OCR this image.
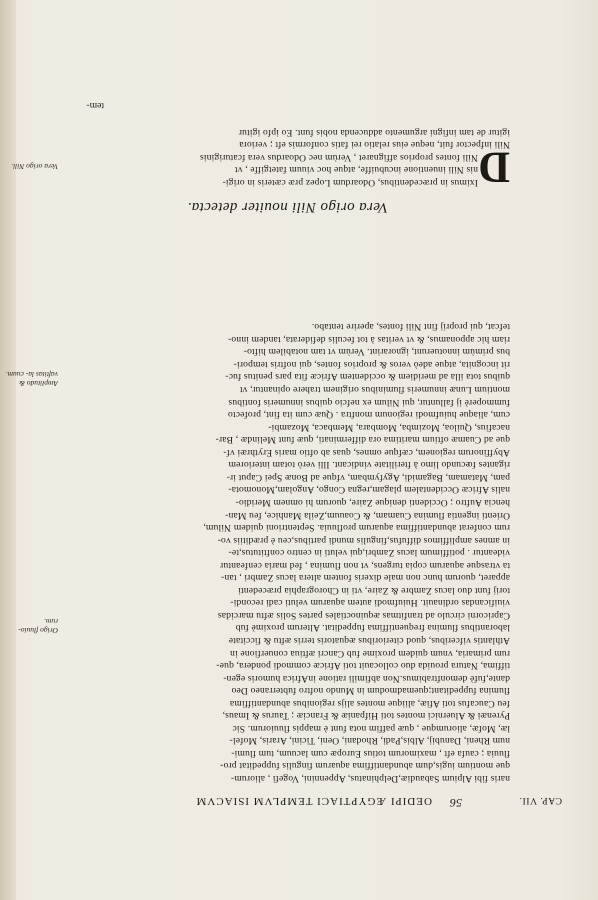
CAP. VII.
56
OEDIPI ÆGYPTIACI TEMPLVM ISIACVM
naris fibi Alpium Sabaudiæ,Delphinatus, Appennini, Vogefi , aliorum-
que montium iugis,dum abundantiffima aquarum fingulis fuppeditat pro-
fluuia ; caufa eft , maximorum totius Europæ cum lacuum, tum flumi-
num Rheni, Danubij, Albis,Padi, Rhodani, Oeni, Ticini, Araris, Mofel-
læ, Mofæ, aliorumque , quæ paffim nota funt è mappis fluuiorum. Sic
Pyrenæi & Aluernici montes toti Hifpaniæ & Franciæ ; Taurus & Imaus,
feu Caucafus toti Afiæ, aliique montes alijs regionibus abundantiffima
flumina fuppeditant;quemadmodum in Mundo noftro fubterraneo Deo
dante,fufè demonftrabimus.Non abfimili ratione inAfrica humoris egen-
tiffima, Natura prouida duo collocauit toti Africæ commodi pondera, que-
rum primaria, vnum quidem proxime fub Cancri æftiua conuerfione in
Athlantis vifceribus, quod citerioribus æquatoris terris æftu & ficcitate
laborantibus flumina frequentiffima fuppeditat. Alterum proximè fub
Capricorni circulo ad tranfitmas æquinoctiales partes Solis æftu marcidas
viuificandas ordinauit. Huiufmodi autem aquarum veluti cadi recondi-
torij funt duo lacus Zambre & Zaire, vti in Chorographia præcedenti
apparet, quorum hunc non male dixeris fontem altera lacus Zambri , tan-
ta vtrasque aquarum copia turgens, vt non flumina , fed maria cenfeantur
videantur . potiffimum lacus Zambri,qui veluti in centro conftitutus,te-
in amnes ampliffimos diffufus,fingulis mundi partibus,ceu è præditiis vo-
rum conferat abundantiffima aquarum profluuia. Septentrioni quidem Nilum,
Orienti ingentia flumina Cuamam, & Coauum,Zeila Manhice, feu Man-
hencia Auftro ; Occidenti denique Zaire, quorum hi omnem Meridio-
nalis Africæ Occidentalem plagam,regna Congo, Angolam,Monomota-
pam, Matamam, Bagamidi, Agyfymbam, vfque ad Bonæ Spei Caput ir-
rigantes fœcundo limo à fterilitate vindicant. Illi verò totam interiorem
Abyffinorum regionem, cæfque omnes, quas ab oftio maris Erythræi vf-
que ad Cuamæ oftium maritima ora differminati, quæ funt Melindæ , Bar-
nacafius, Quiloa, Mozimba, Mombara, Membaca, Mozambi-
cum, aliaque huiufmodi regionum monftra . Quæ cum ita fint, profecto
fummoperè ij falluntur, qui Nilum ex nefcio quibus innumeris fontibus
montium Lunæ innumeris fluminibus originem trahere opinantur, vt
quibus tota illa ad meridiem & occidentem Africæ fita pars penitus fuc-
rit incognita, atque adeò veros & proprios fontes, qui noftris tempori-
bus primùm innotuerunt, ignorarint. Verùm vt tam notabilem hifto-
riam hic apponamus, & vt veritas à tot feculis defiderata, tandem inno-
tefcat, qui proprij fint Nili fontes, aperire tentabo.
Vera origo Nili nouiter detecta.
D
Iximus in præcedentibus, Odoardum Lopez præ cæteris in origi-
nis Nili inuentione incubuiffe, atque hoc viuum fatetgiffe , vt
Nili fontes proprios affignaret , Verùm nec Odoardus vera fcaturiginis
Nili infpector fuit, neque eius relatio rei fatis conformis eft ; veriora
igitur de tam infigni argumento adducenda nobis funt. Eo ipfo igitur
tem-
Origo fluuio- rum.
Amplitudo & vaftitas la- cuum.
Vera origo Nili.
